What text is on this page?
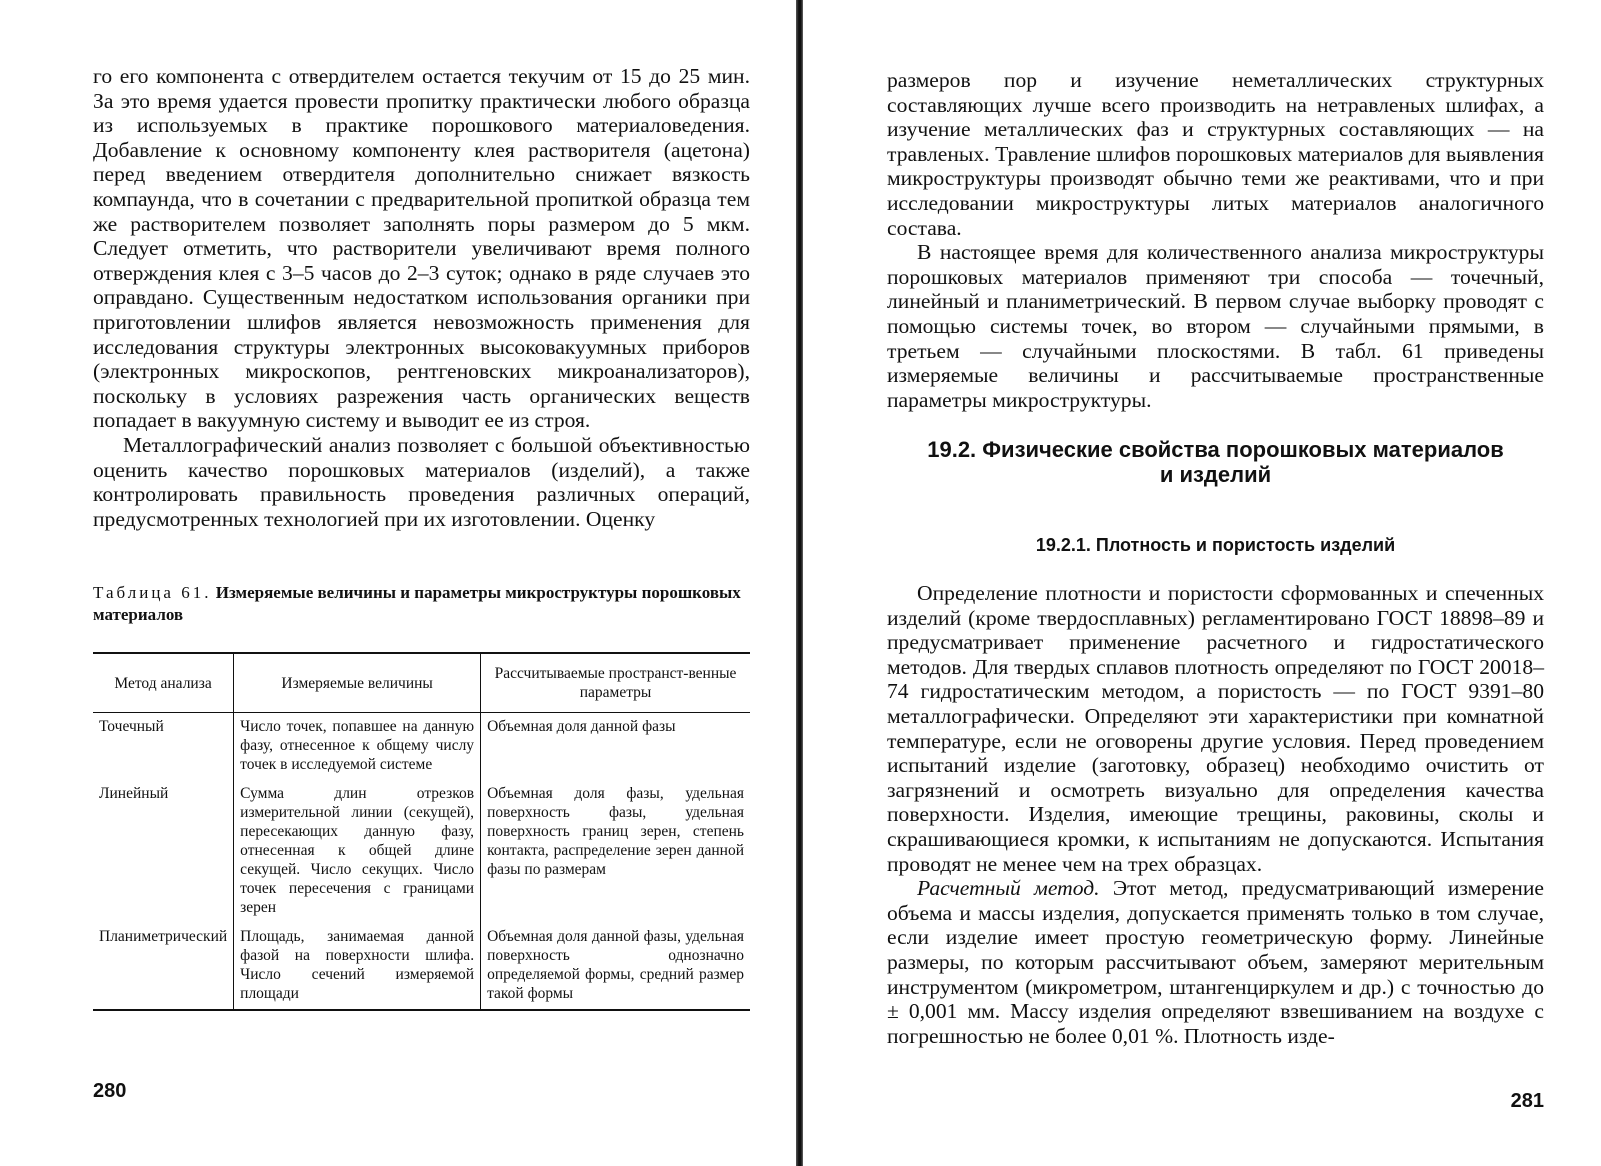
го его компонента с отвердителем остается текучим от 15 до 25 мин. За это время удается провести пропитку практически любого образца из используемых в практике порошкового материаловедения. Добавление к основному компоненту клея растворителя (ацетона) перед введением отвердителя дополнительно снижает вязкость компаунда, что в сочетании с предварительной пропиткой образца тем же растворителем позволяет заполнять поры размером до 5 мкм. Следует отметить, что растворители увеличивают время полного отверждения клея с 3–5 часов до 2–3 суток; однако в ряде случаев это оправдано. Существенным недостатком использования органики при приготовлении шлифов является невозможность применения для исследования структуры электронных высоковакуумных приборов (электронных микроскопов, рентгеновских микроанализаторов), поскольку в условиях разрежения часть органических веществ попадает в вакуумную систему и выводит ее из строя.

Металлографический анализ позволяет с большой объективностью оценить качество порошковых материалов (изделий), а также контролировать правильность проведения различных операций, предусмотренных технологией при их изготовлении. Оценку

Таблица 61. Измеряемые величины и параметры микроструктуры порошковых материалов

Метод анализа	Измеряемые величины	Рассчитываемые пространст-венные параметры
Точечный	Число точек, попавшее на данную фазу, отнесенное к общему числу точек в исследуемой системе	Объемная доля данной фазы
Линейный	Сумма длин отрезков измерительной линии (секущей), пересекающих данную фазу, отнесенная к общей длине секущей. Число секущих. Число точек пересечения с границами зерен	Объемная доля фазы, удельная поверхность фазы, удельная поверхность границ зерен, степень контакта, распределение зерен данной фазы по размерам
Планиметрический	Площадь, занимаемая данной фазой на поверхности шлифа. Число сечений измеряемой площади	Объемная доля данной фазы, удельная поверхность однозначно определяемой формы, средний размер такой формы
280

размеров пор и изучение неметаллических структурных составляющих лучше всего производить на нетравленых шлифах, а изучение металлических фаз и структурных составляющих — на травленых. Травление шлифов порошковых материалов для выявления микроструктуры производят обычно теми же реактивами, что и при исследовании микроструктуры литых материалов аналогичного состава.

В настоящее время для количественного анализа микроструктуры порошковых материалов применяют три способа — точечный, линейный и планиметрический. В первом случае выборку проводят с помощью системы точек, во втором — случайными прямыми, в третьем — случайными плоскостями. В табл. 61 приведены измеряемые величины и рассчитываемые пространственные параметры микроструктуры.

19.2. Физические свойства порошковых материалов
и изделий
19.2.1. Плотность и пористость изделий

Определение плотности и пористости сформованных и спеченных изделий (кроме твердосплавных) регламентировано ГОСТ 18898–89 и предусматривает применение расчетного и гидростатического методов. Для твердых сплавов плотность определяют по ГОСТ 20018–74 гидростатическим методом, а пористость — по ГОСТ 9391–80 металлографически. Определяют эти характеристики при комнатной температуре, если не оговорены другие условия. Перед проведением испытаний изделие (заготовку, образец) необходимо очистить от загрязнений и осмотреть визуально для определения качества поверхности. Изделия, имеющие трещины, раковины, сколы и скрашивающиеся кромки, к испытаниям не допускаются. Испытания проводят не менее чем на трех образцах.

Расчетный метод. Этот метод, предусматривающий измерение объема и массы изделия, допускается применять только в том случае, если изделие имеет простую геометрическую форму. Линейные размеры, по которым рассчитывают объем, замеряют мерительным инструментом (микрометром, штангенциркулем и др.) с точностью до ± 0,001 мм. Массу изделия определяют взвешиванием на воздухе с погрешностью не более 0,01 %. Плотность изде-

281
